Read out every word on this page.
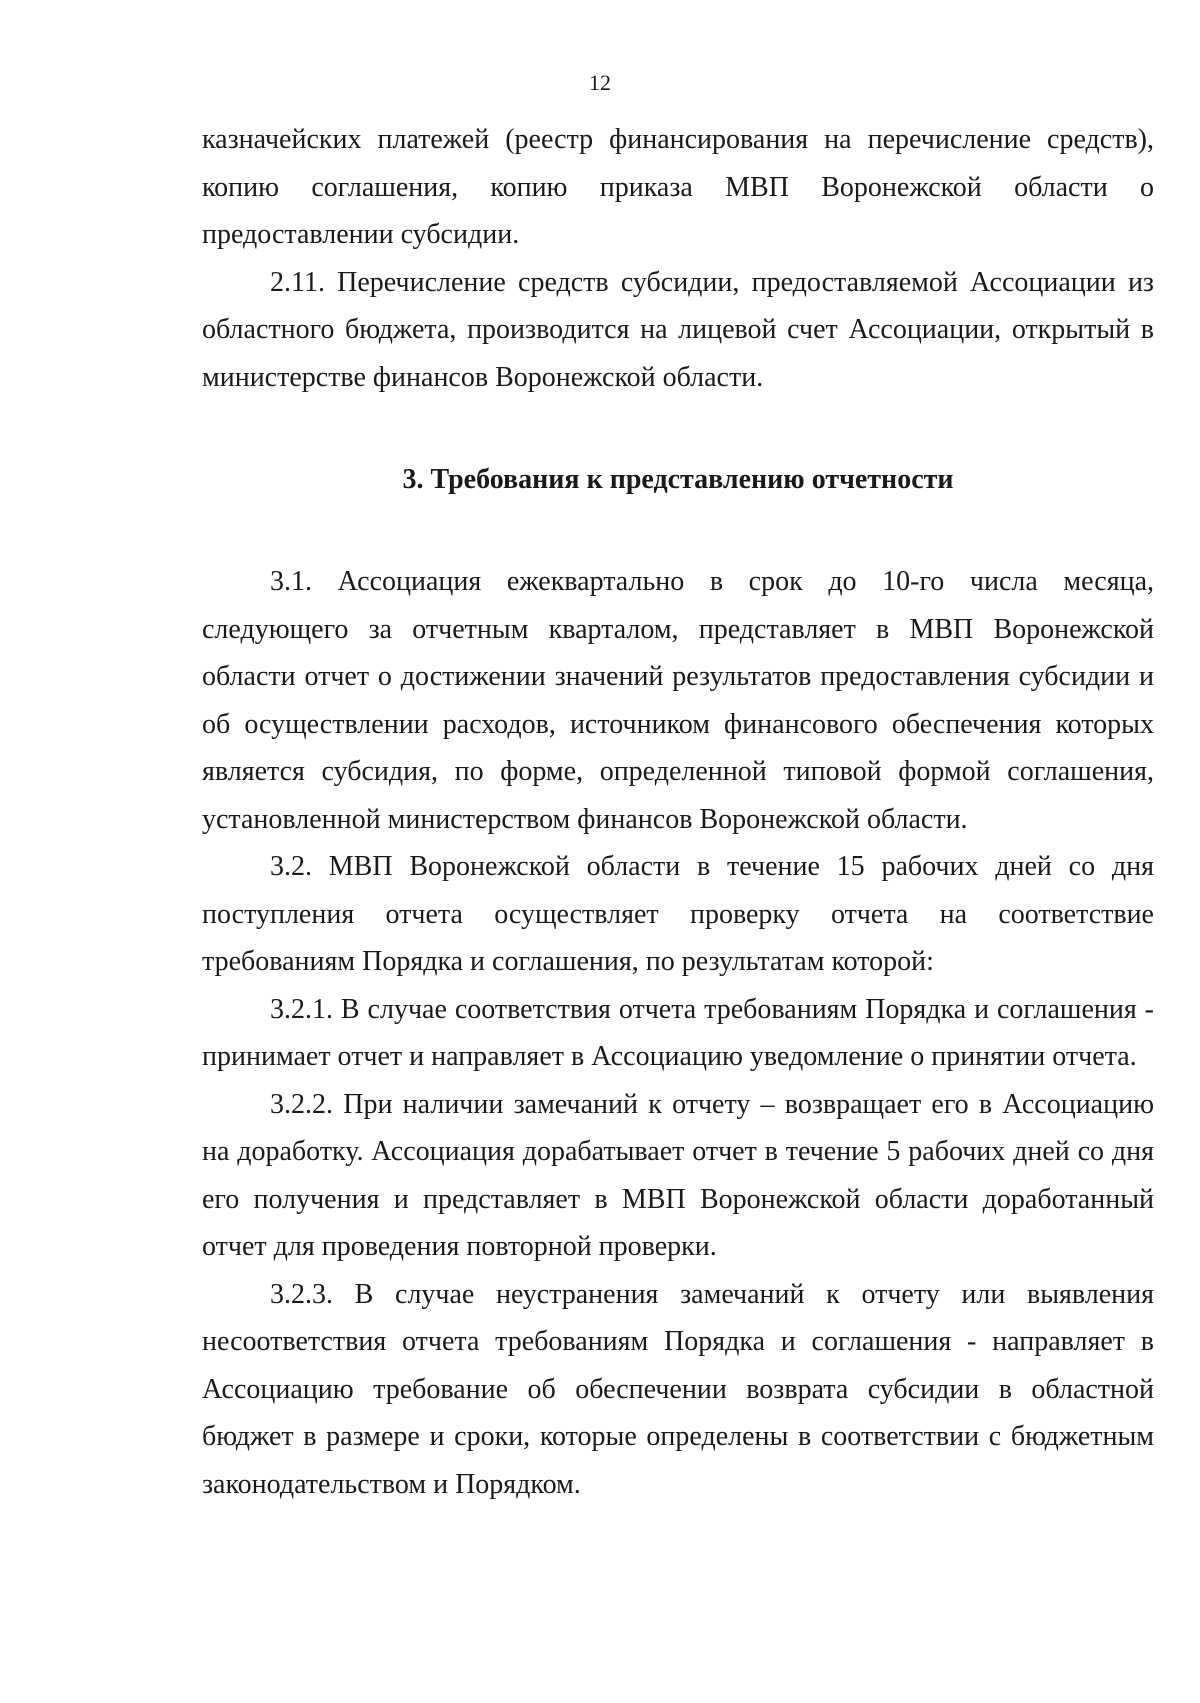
12

казначейских платежей (реестр финансирования на перечисление средств), копию соглашения, копию приказа МВП Воронежской области о предоставлении субсидии.

2.11. Перечисление средств субсидии, предоставляемой Ассоциации из областного бюджета, производится на лицевой счет Ассоциации, открытый в министерстве финансов Воронежской области.

3. Требования к представлению отчетности

3.1. Ассоциация ежеквартально в срок до 10-го числа месяца, следующего за отчетным кварталом, представляет в МВП Воронежской области отчет о достижении значений результатов предоставления субсидии и об осуществлении расходов, источником финансового обеспечения которых является субсидия, по форме, определенной типовой формой соглашения, установленной министерством финансов Воронежской области.

3.2. МВП Воронежской области в течение 15 рабочих дней со дня поступления отчета осуществляет проверку отчета на соответствие требованиям Порядка и соглашения, по результатам которой:

3.2.1. В случае соответствия отчета требованиям Порядка и соглашения - принимает отчет и направляет в Ассоциацию уведомление о принятии отчета.

3.2.2. При наличии замечаний к отчету – возвращает его в Ассоциацию на доработку. Ассоциация дорабатывает отчет в течение 5 рабочих дней со дня его получения и представляет в МВП Воронежской области доработанный отчет для проведения повторной проверки.

3.2.3. В случае неустранения замечаний к отчету или выявления несоответствия отчета требованиям Порядка и соглашения - направляет в Ассоциацию требование об обеспечении возврата субсидии в областной бюджет в размере и сроки, которые определены в соответствии с бюджетным законодательством и Порядком.
